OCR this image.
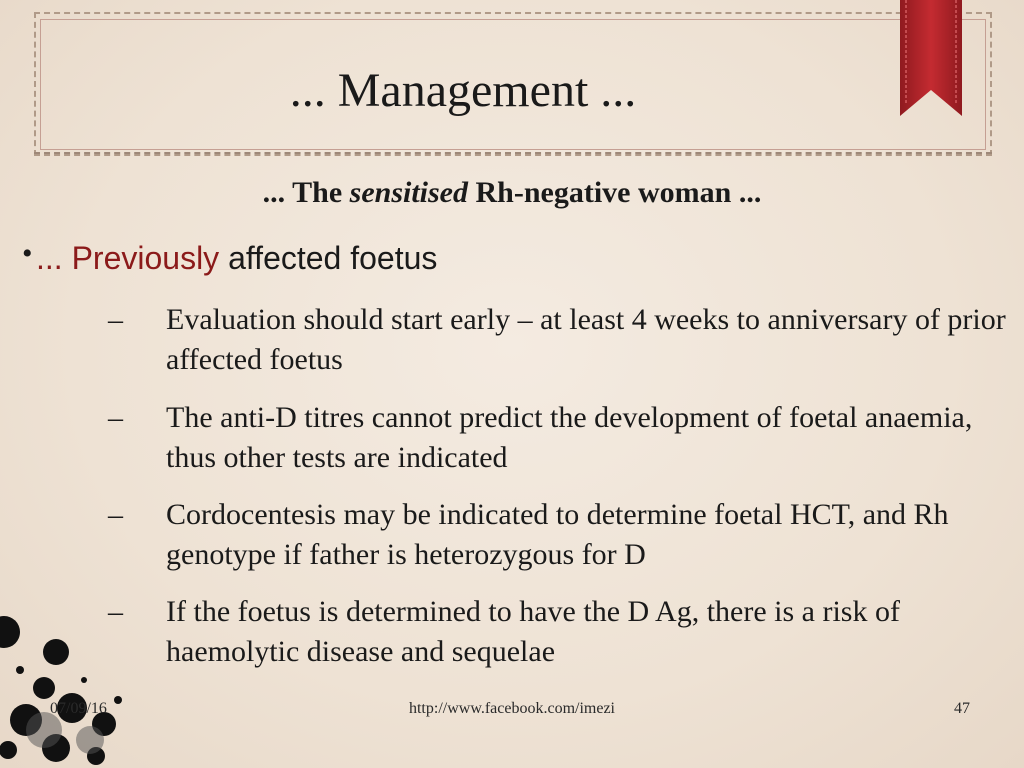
... Management ...
... The sensitised Rh-negative woman ...
• ... Previously affected foetus
–	Evaluation should start early – at least 4 weeks to anniversary of prior affected foetus
–	The anti-D titres cannot predict the development of foetal anaemia, thus other tests are indicated
–	Cordocentesis may be indicated to determine foetal HCT, and Rh genotype if father is heterozygous for D
–	If the foetus is determined to have the D Ag, there is a risk of haemolytic disease and sequelae
07/09/16	http://www.facebook.com/imezi	47
